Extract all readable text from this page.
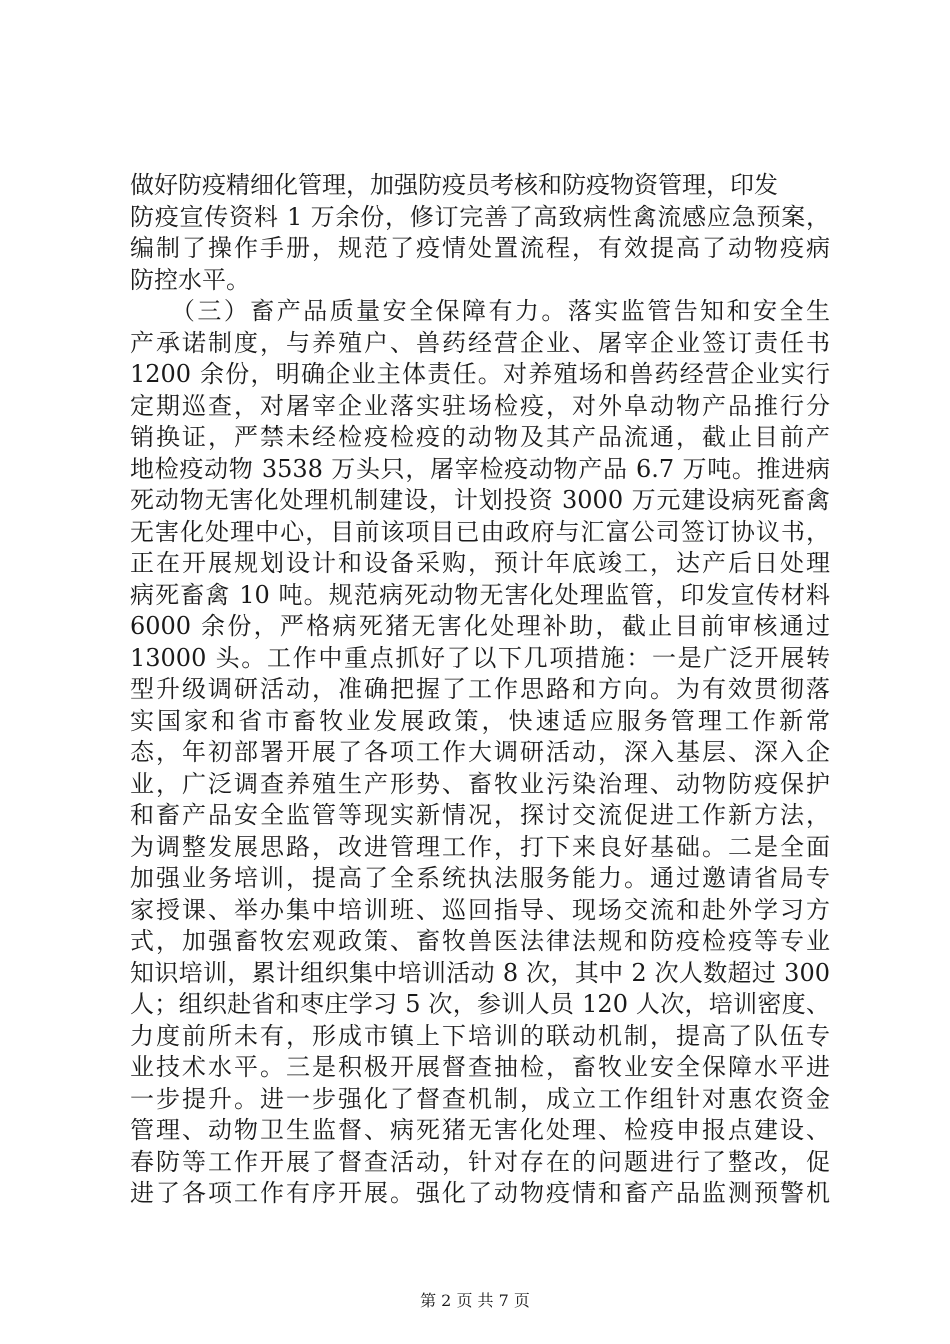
做好防疫精细化管理，加强防疫员考核和防疫物资管理，印发
防疫宣传资料 1 万余份，修订完善了高致病性禽流感应急预案，
编制了操作手册，规范了疫情处置流程，有效提高了动物疫病
防控水平。
　　（三）畜产品质量安全保障有力。落实监管告知和安全生
产承诺制度，与养殖户、兽药经营企业、屠宰企业签订责任书
1200 余份，明确企业主体责任。对养殖场和兽药经营企业实行
定期巡查，对屠宰企业落实驻场检疫，对外阜动物产品推行分
销换证，严禁未经检疫检疫的动物及其产品流通，截止目前产
地检疫动物 3538 万头只，屠宰检疫动物产品 6.7 万吨。推进病
死动物无害化处理机制建设，计划投资 3000 万元建设病死畜禽
无害化处理中心，目前该项目已由政府与汇富公司签订协议书，
正在开展规划设计和设备采购，预计年底竣工，达产后日处理
病死畜禽 10 吨。规范病死动物无害化处理监管，印发宣传材料
6000 余份，严格病死猪无害化处理补助，截止目前审核通过
13000 头。工作中重点抓好了以下几项措施：一是广泛开展转
型升级调研活动，准确把握了工作思路和方向。为有效贯彻落
实国家和省市畜牧业发展政策，快速适应服务管理工作新常
态，年初部署开展了各项工作大调研活动，深入基层、深入企
业，广泛调查养殖生产形势、畜牧业污染治理、动物防疫保护
和畜产品安全监管等现实新情况，探讨交流促进工作新方法，
为调整发展思路，改进管理工作，打下来良好基础。二是全面
加强业务培训，提高了全系统执法服务能力。通过邀请省局专
家授课、举办集中培训班、巡回指导、现场交流和赴外学习方
式，加强畜牧宏观政策、畜牧兽医法律法规和防疫检疫等专业
知识培训，累计组织集中培训活动 8 次，其中 2 次人数超过 300
人；组织赴省和枣庄学习 5 次，参训人员 120 人次，培训密度、
力度前所未有，形成市镇上下培训的联动机制，提高了队伍专
业技术水平。三是积极开展督查抽检，畜牧业安全保障水平进
一步提升。进一步强化了督查机制，成立工作组针对惠农资金
管理、动物卫生监督、病死猪无害化处理、检疫申报点建设、
春防等工作开展了督查活动，针对存在的问题进行了整改，促
进了各项工作有序开展。强化了动物疫情和畜产品监测预警机
第 2 页 共 7 页
